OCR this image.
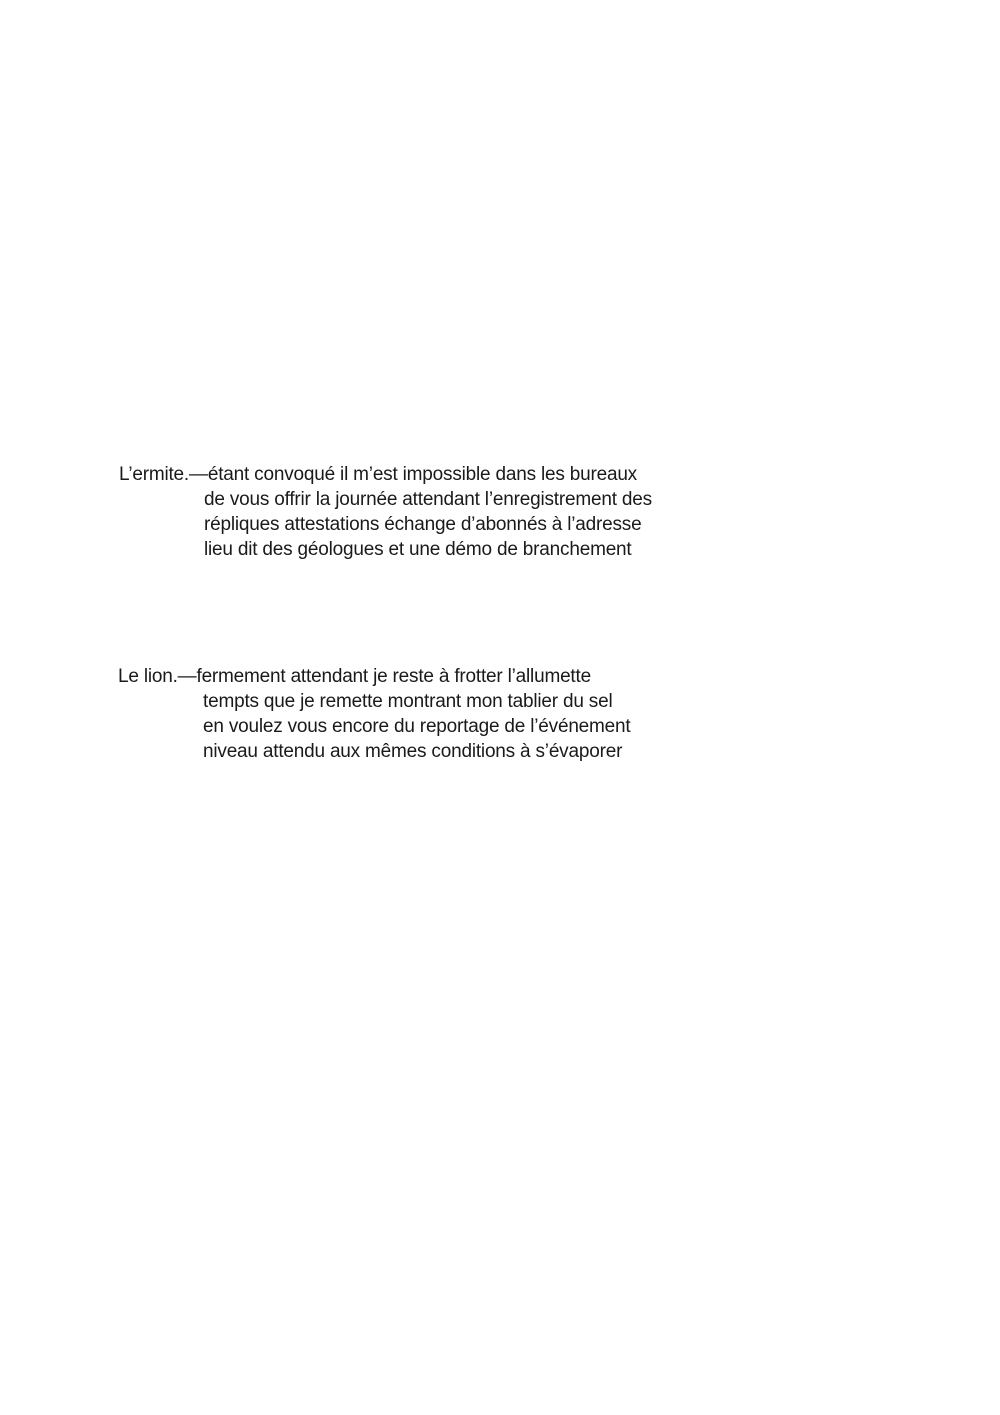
L’ermite.—étant convoqué il m’est impossible dans les bureaux

de vous offrir la journée attendant l’enregistrement des

répliques attestations échange d’abonnés à l’adresse

lieu dit des géologues et une démo de branchement

Le lion.—fermement attendant je reste à frotter l’allumette

tempts que je remette montrant mon tablier du sel

en voulez vous encore du reportage de l’événement

niveau attendu aux mêmes conditions à s’évaporer
